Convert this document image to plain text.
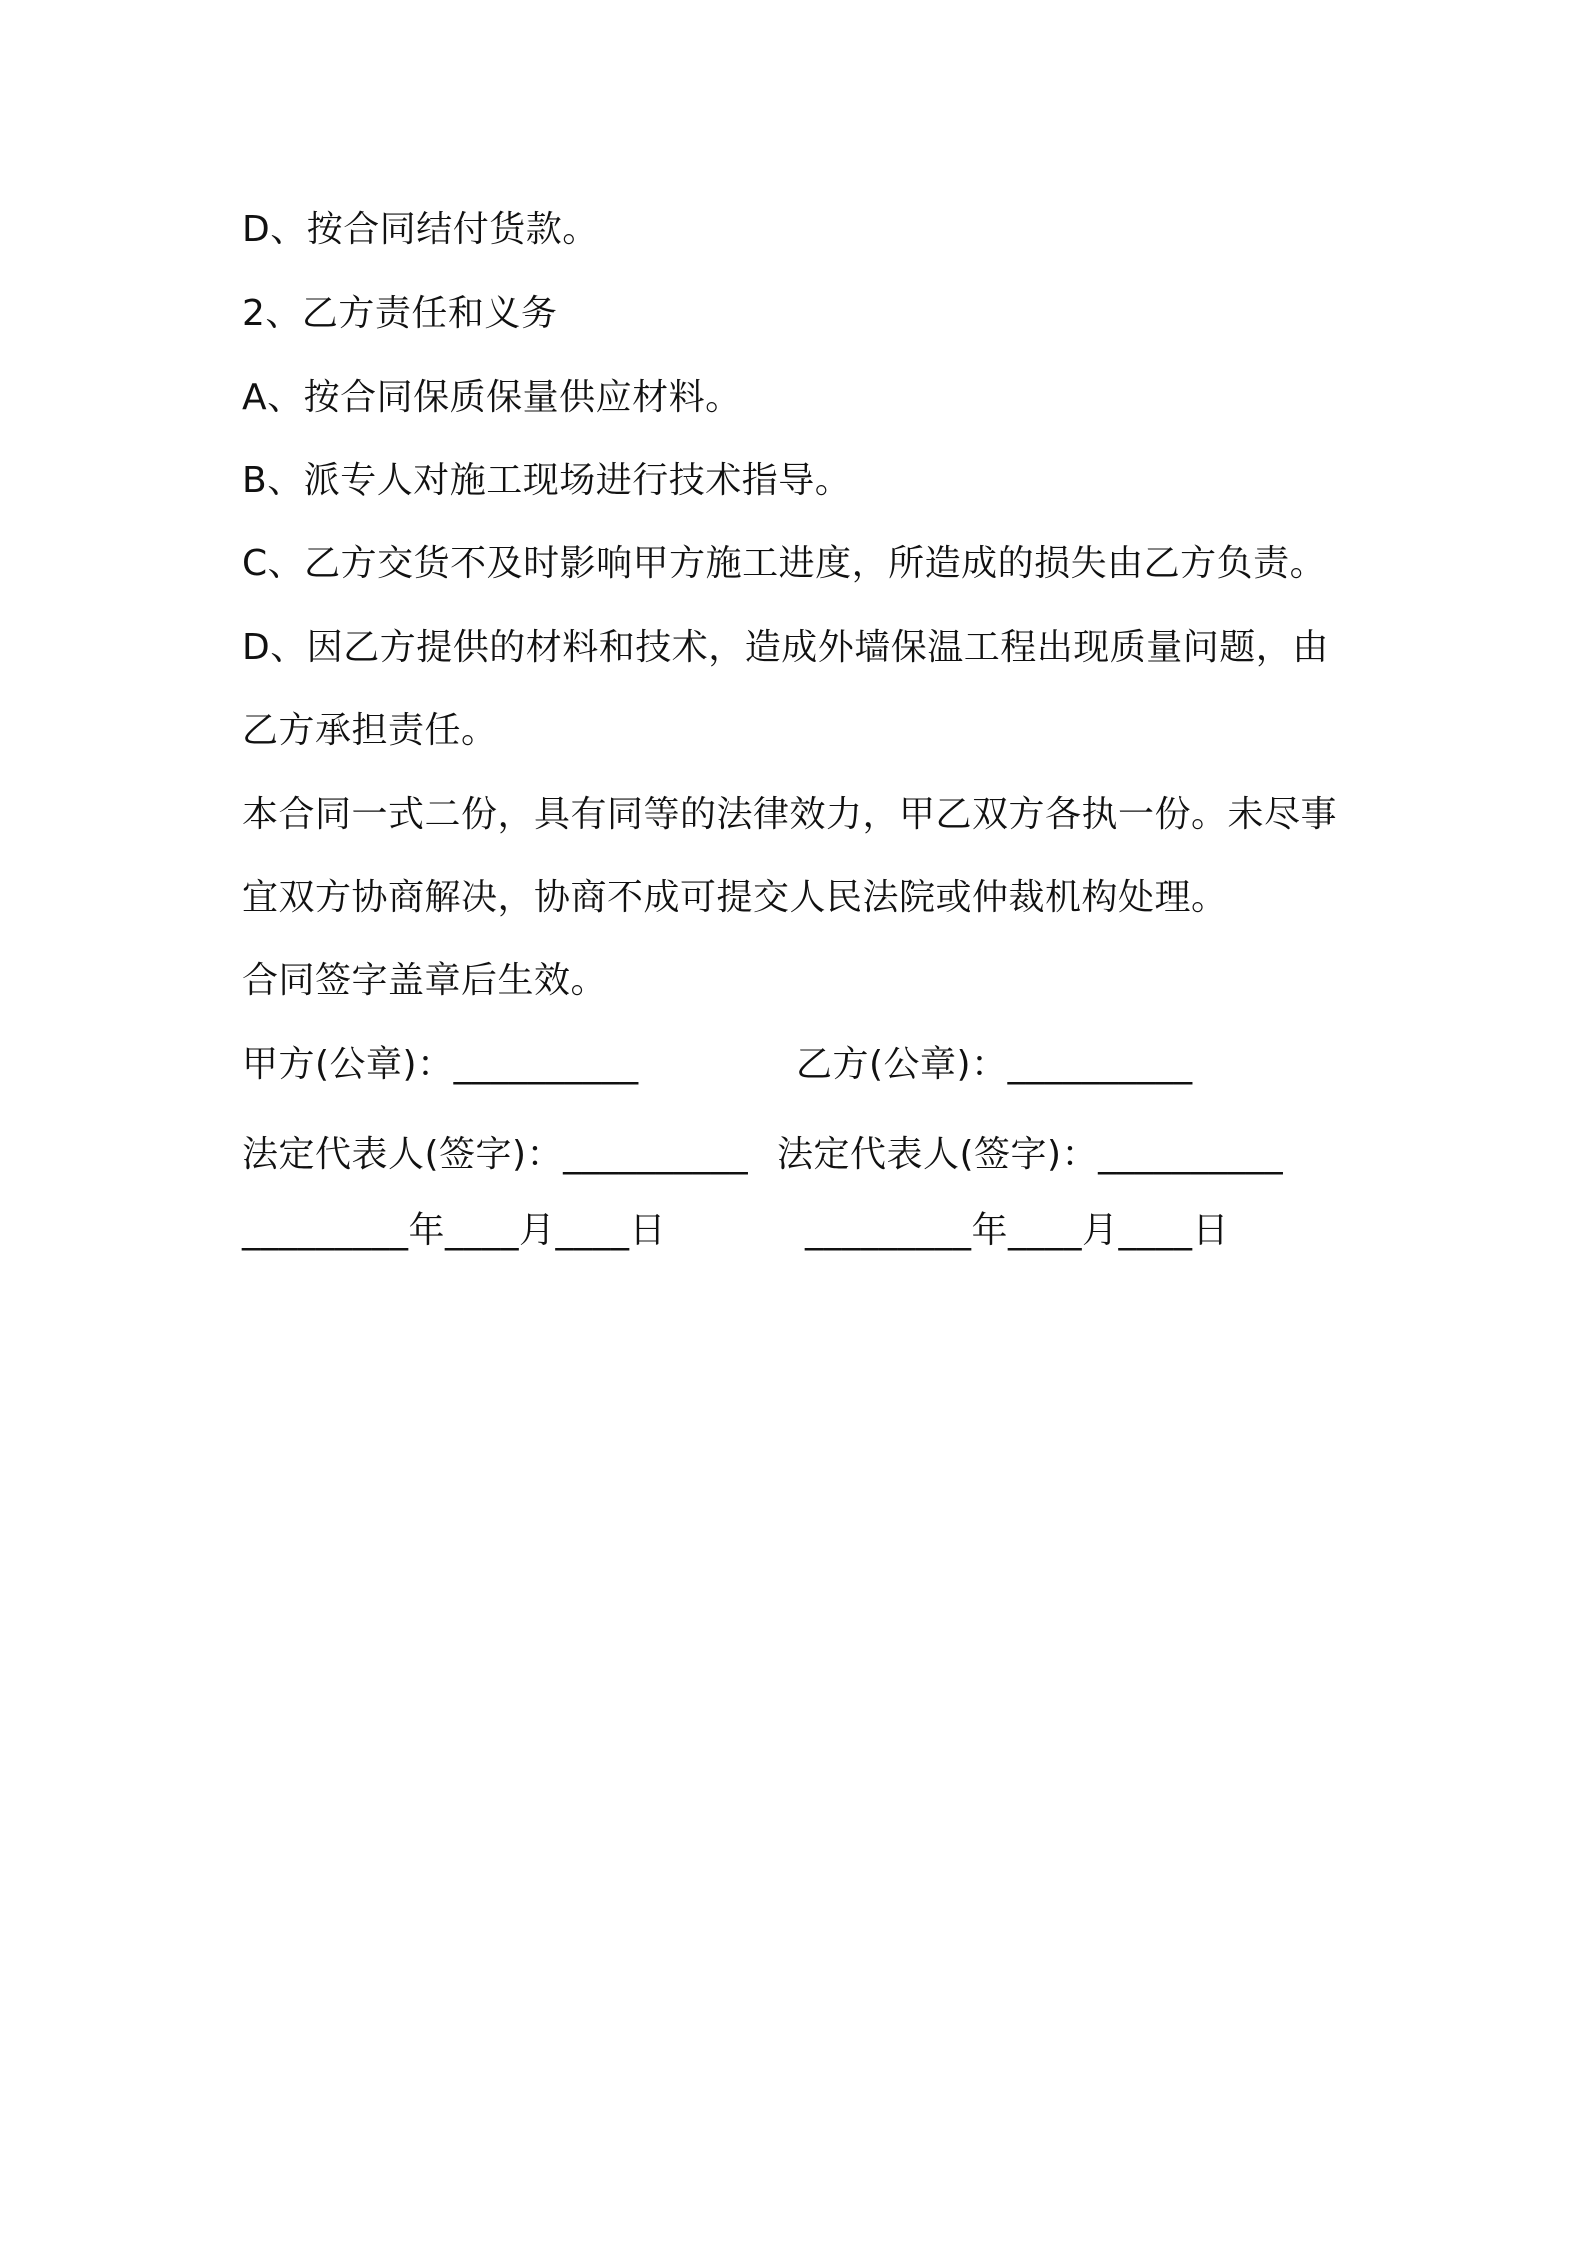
D、按合同结付货款。
2、乙方责任和义务
A、按合同保质保量供应材料。
B、派专人对施工现场进行技术指导。
C、乙方交货不及时影响甲方施工进度，所造成的损失由乙方负责。
D、因乙方提供的材料和技术，造成外墙保温工程出现质量问题，由
乙方承担责任。
本合同一式二份，具有同等的法律效力，甲乙双方各执一份。未尽事
宜双方协商解决，协商不成可提交人民法院或仲裁机构处理。
合同签字盖章后生效。
甲方(公章)：__________	乙方(公章)：__________
法定代表人(签字)：__________ 法定代表人(签字)：__________
_________年____月____日	_________年____月____日
